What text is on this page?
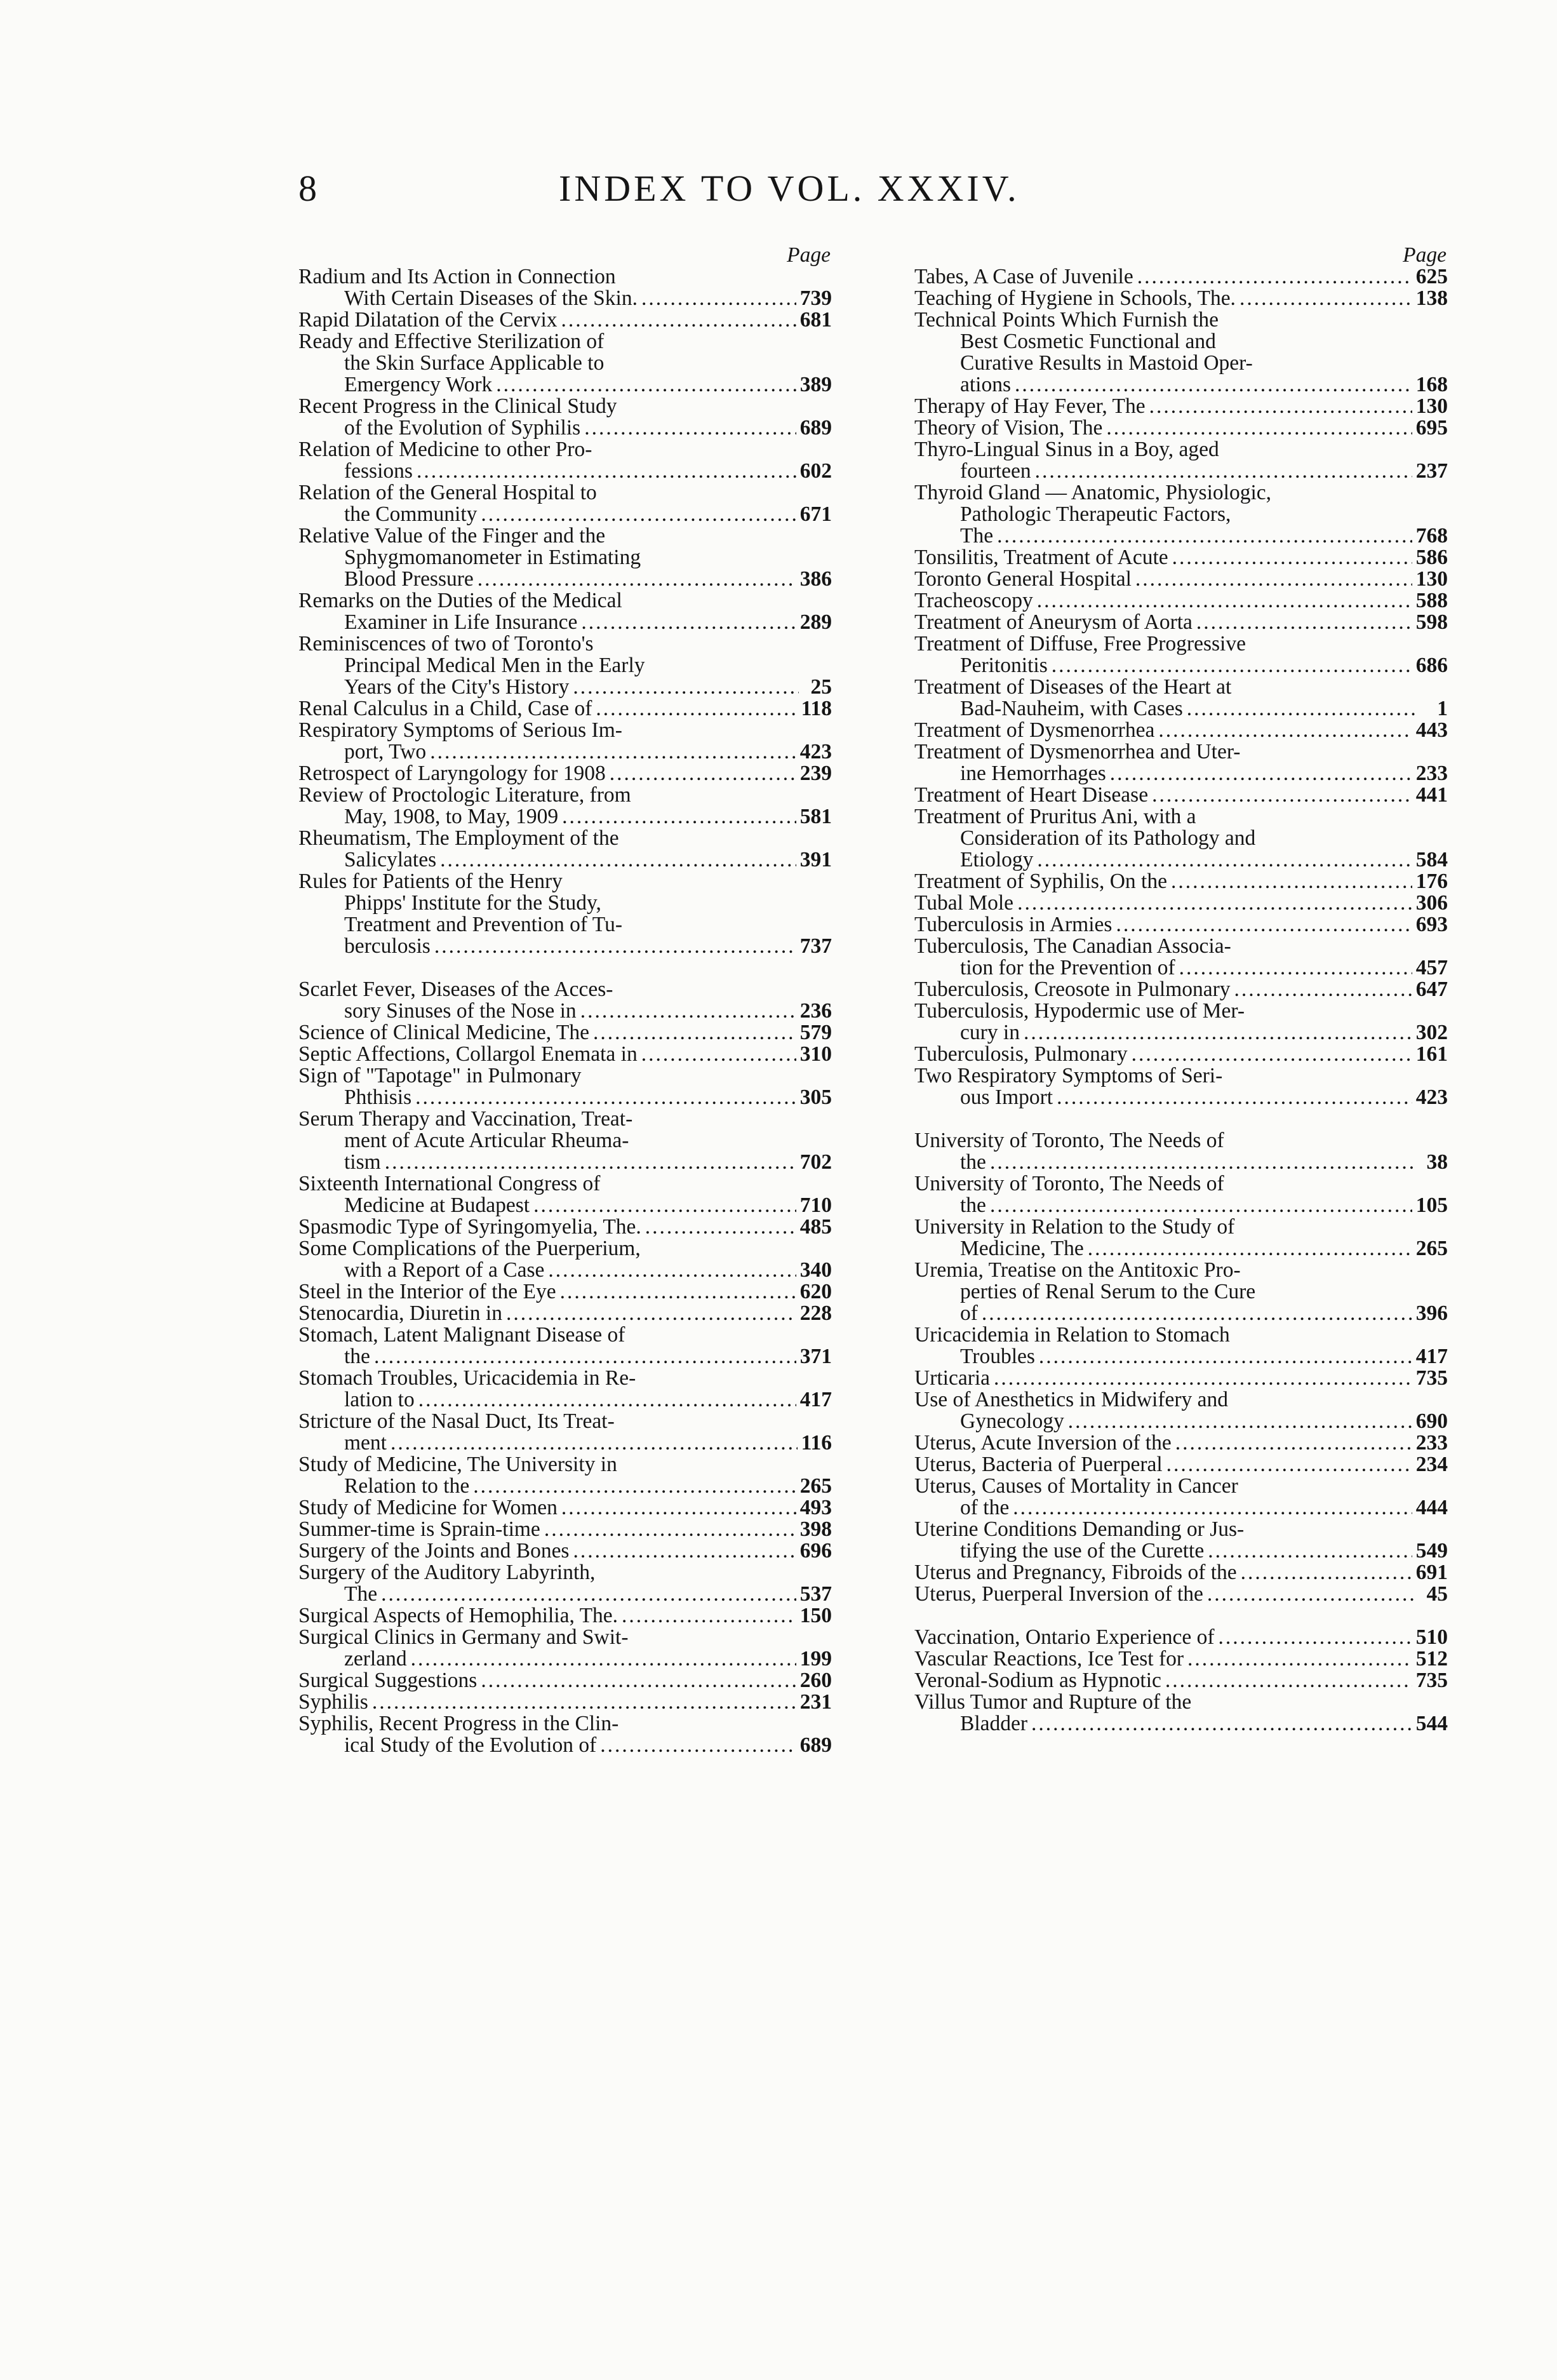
8	INDEX TO VOL. XXXIV.
Page
Radium and Its Action in Connection
With Certain Diseases of the Skin. .....	739
Rapid Dilatation of the Cervix .....	681
Ready and Effective Sterilization of
the Skin Surface Applicable to
Emergency Work .....	389
Recent Progress in the Clinical Study
of the Evolution of Syphilis .....	689
Relation of Medicine to other Pro-
fessions .....	602
Relation of the General Hospital to
the Community .....	671
Relative Value of the Finger and the
Sphygmomanometer in Estimating
Blood Pressure .....	386
Remarks on the Duties of the Medical
Examiner in Life Insurance .....	289
Reminiscences of two of Toronto's
Principal Medical Men in the Early
Years of the City's History .....	25
Renal Calculus in a Child, Case of .....	118
Respiratory Symptoms of Serious Im-
port, Two .....	423
Retrospect of Laryngology for 1908 .....	239
Review of Proctologic Literature, from
May, 1908, to May, 1909 .....	581
Rheumatism, The Employment of the
Salicylates .....	391
Rules for Patients of the Henry
Phipps' Institute for the Study,
Treatment and Prevention of Tu-
berculosis .....	737
Scarlet Fever, Diseases of the Acces-
sory Sinuses of the Nose in .....	236
Science of Clinical Medicine, The .....	579
Septic Affections, Collargol Enemata in .....	310
Sign of "Tapotage" in Pulmonary
Phthisis .....	305
Serum Therapy and Vaccination, Treat-
ment of Acute Articular Rheuma-
tism .....	702
Sixteenth International Congress of
Medicine at Budapest .....	710
Spasmodic Type of Syringomyelia, The. .....	485
Some Complications of the Puerperium,
with a Report of a Case .....	340
Steel in the Interior of the Eye .....	620
Stenocardia, Diuretin in .....	228
Stomach, Latent Malignant Disease of
the .....	371
Stomach Troubles, Uricacidemia in Re-
lation to .....	417
Stricture of the Nasal Duct, Its Treat-
ment .....	116
Study of Medicine, The University in
Relation to the .....	265
Study of Medicine for Women .....	493
Summer-time is Sprain-time .....	398
Surgery of the Joints and Bones .....	696
Surgery of the Auditory Labyrinth,
The .....	537
Surgical Aspects of Hemophilia, The. .....	150
Surgical Clinics in Germany and Swit-
zerland .....	199
Surgical Suggestions .....	260
Syphilis .....	231
Syphilis, Recent Progress in the Clin-
ical Study of the Evolution of .....	689
Page
Tabes, A Case of Juvenile .....	625
Teaching of Hygiene in Schools, The. .....	138
Technical Points Which Furnish the
Best Cosmetic Functional and
Curative Results in Mastoid Oper-
ations .....	168
Therapy of Hay Fever, The .....	130
Theory of Vision, The .....	695
Thyro-Lingual Sinus in a Boy, aged
fourteen .....	237
Thyroid Gland — Anatomic, Physiologic,
Pathologic Therapeutic Factors,
The .....	768
Tonsilitis, Treatment of Acute .....	586
Toronto General Hospital .....	130
Tracheoscopy .....	588
Treatment of Aneurysm of Aorta .....	598
Treatment of Diffuse, Free Progressive
Peritonitis .....	686
Treatment of Diseases of the Heart at
Bad-Nauheim, with Cases .....	1
Treatment of Dysmenorrhea .....	443
Treatment of Dysmenorrhea and Uter-
ine Hemorrhages .....	233
Treatment of Heart Disease .....	441
Treatment of Pruritus Ani, with a
Consideration of its Pathology and
Etiology .....	584
Treatment of Syphilis, On the .....	176
Tubal Mole .....	306
Tuberculosis in Armies .....	693
Tuberculosis, The Canadian Associa-
tion for the Prevention of .....	457
Tuberculosis, Creosote in Pulmonary .....	647
Tuberculosis, Hypodermic use of Mer-
cury in .....	302
Tuberculosis, Pulmonary .....	161
Two Respiratory Symptoms of Seri-
ous Import .....	423
University of Toronto, The Needs of
the .....	38
University of Toronto, The Needs of
the .....	105
University in Relation to the Study of
Medicine, The .....	265
Uremia, Treatise on the Antitoxic Pro-
perties of Renal Serum to the Cure
of .....	396
Uricacidemia in Relation to Stomach
Troubles .....	417
Urticaria .....	735
Use of Anesthetics in Midwifery and
Gynecology .....	690
Uterus, Acute Inversion of the .....	233
Uterus, Bacteria of Puerperal .....	234
Uterus, Causes of Mortality in Cancer
of the .....	444
Uterine Conditions Demanding or Jus-
tifying the use of the Curette .....	549
Uterus and Pregnancy, Fibroids of the .....	691
Uterus, Puerperal Inversion of the .....	45
Vaccination, Ontario Experience of .....	510
Vascular Reactions, Ice Test for .....	512
Veronal-Sodium as Hypnotic .....	735
Villus Tumor and Rupture of the
Bladder .....	544
